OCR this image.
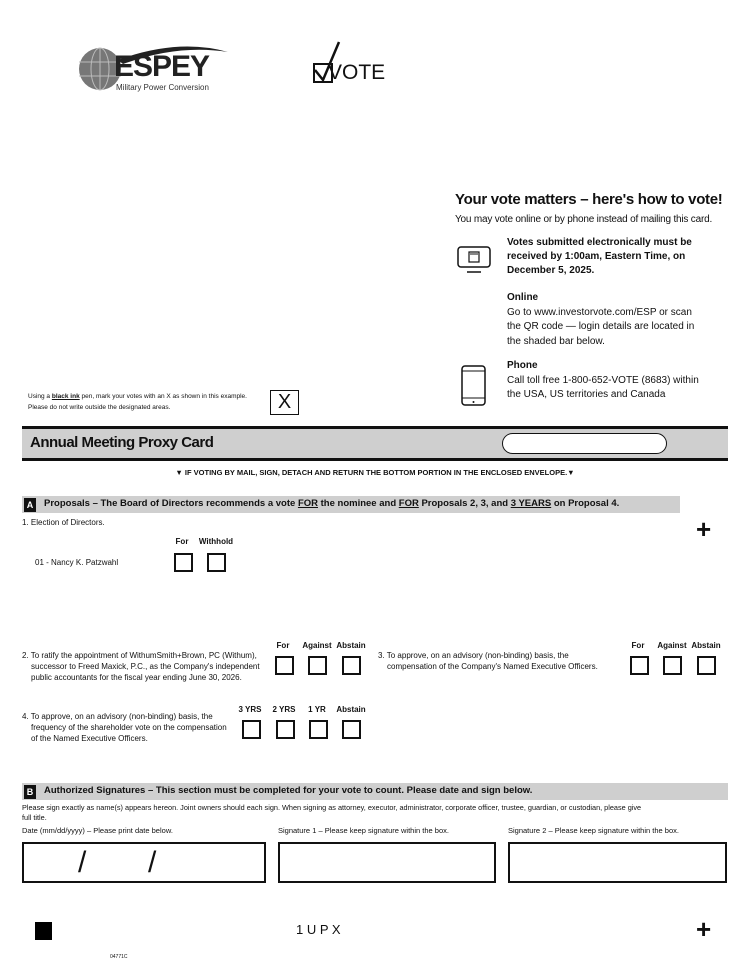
ESPEY
Military Power Conversion
VOTE
Your vote matters – here's how to vote!
You may vote online or by phone instead of mailing this card.
Votes submitted electronically must be
received by 1:00am, Eastern Time, on
December 5, 2025.
Online
Go to www.investorvote.com/ESP or scan
the QR code — login details are located in
the shaded bar below.
Phone
Call toll free 1-800-652-VOTE (8683) within
the USA, US territories and Canada
Using a black ink pen, mark your votes with an X as shown in this example.
Please do not write outside the designated areas.	X
Annual Meeting Proxy Card
▼ IF VOTING BY MAIL, SIGN, DETACH AND RETURN THE BOTTOM PORTION IN THE ENCLOSED ENVELOPE.▼
A Proposals – The Board of Directors recommends a vote FOR the nominee and FOR Proposals 2, 3, and 3 YEARS on Proposal 4.
+
1. Election of Directors.
For	Withhold
01 - Nancy K. Patzwahl
2. To ratify the appointment of WithumSmith+Brown, PC (Withum),
successor to Freed Maxick, P.C., as the Company's independent
public accountants for the fiscal year ending June 30, 2026.
For	Against Abstain
3. To approve, on an advisory (non-binding) basis, the
compensation of the Company's Named Executive Officers.
For	Against Abstain
4. To approve, on an advisory (non-binding) basis, the
frequency of the shareholder vote on the compensation
of the Named Executive Officers.
3 YRS	2 YRS	1 YR	Abstain
B Authorized Signatures – This section must be completed for your vote to count. Please date and sign below.
Please sign exactly as name(s) appears hereon. Joint owners should each sign. When signing as attorney, executor, administrator, corporate officer, trustee, guardian, or custodian, please give
full title.
Date (mm/dd/yyyy) – Please print date below.	Signature 1 – Please keep signature within the box.	Signature 2 – Please keep signature within the box.
/ /
1 U P X	+
04771C
